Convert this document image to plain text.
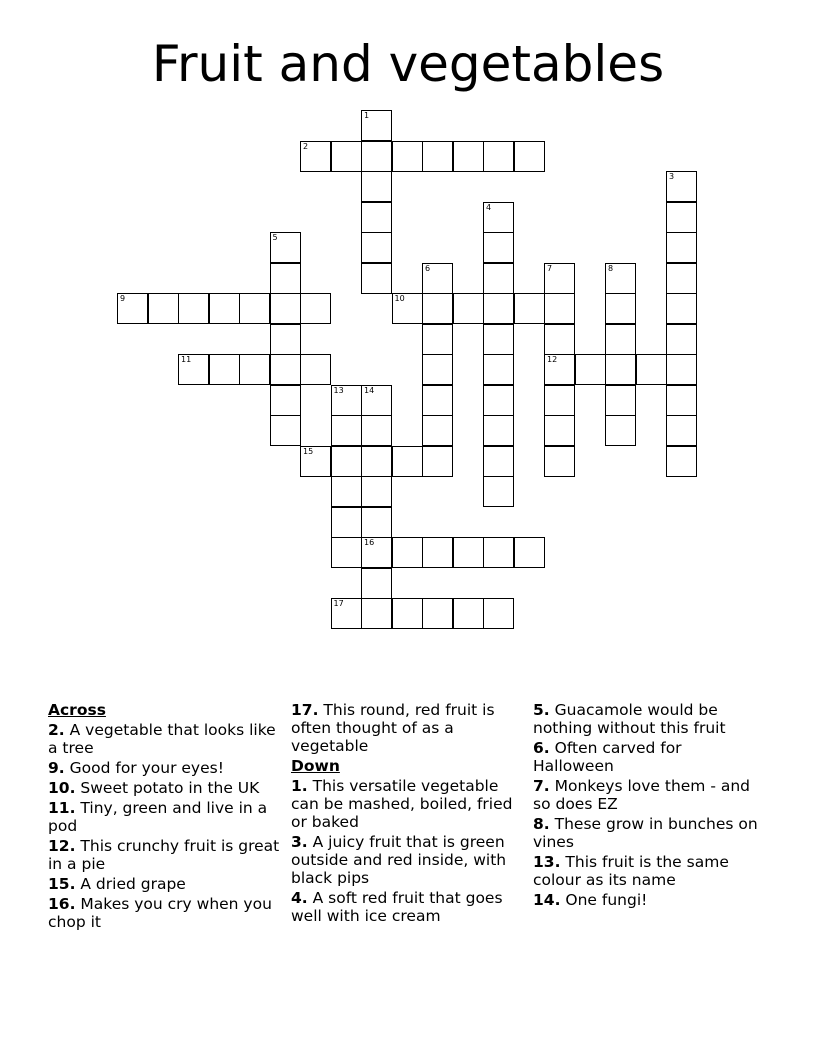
Fruit and vegetables
1
2
3
4
5
6	7	8
9	10
11	12
13	14
15
16
17
Across
2. A vegetable that looks like a tree
9. Good for your eyes!
10. Sweet potato in the UK
11. Tiny, green and live in a pod
12. This crunchy fruit is great in a pie
15. A dried grape
16. Makes you cry when you chop it
17. This round, red fruit is often thought of as a vegetable
Down
1. This versatile vegetable can be mashed, boiled, fried or baked
3. A juicy fruit that is green outside and red inside, with black pips
4. A soft red fruit that goes well with ice cream
5. Guacamole would be nothing without this fruit
6. Often carved for Halloween
7. Monkeys love them - and so does EZ
8. These grow in bunches on vines
13. This fruit is the same colour as its name
14. One fungi!
